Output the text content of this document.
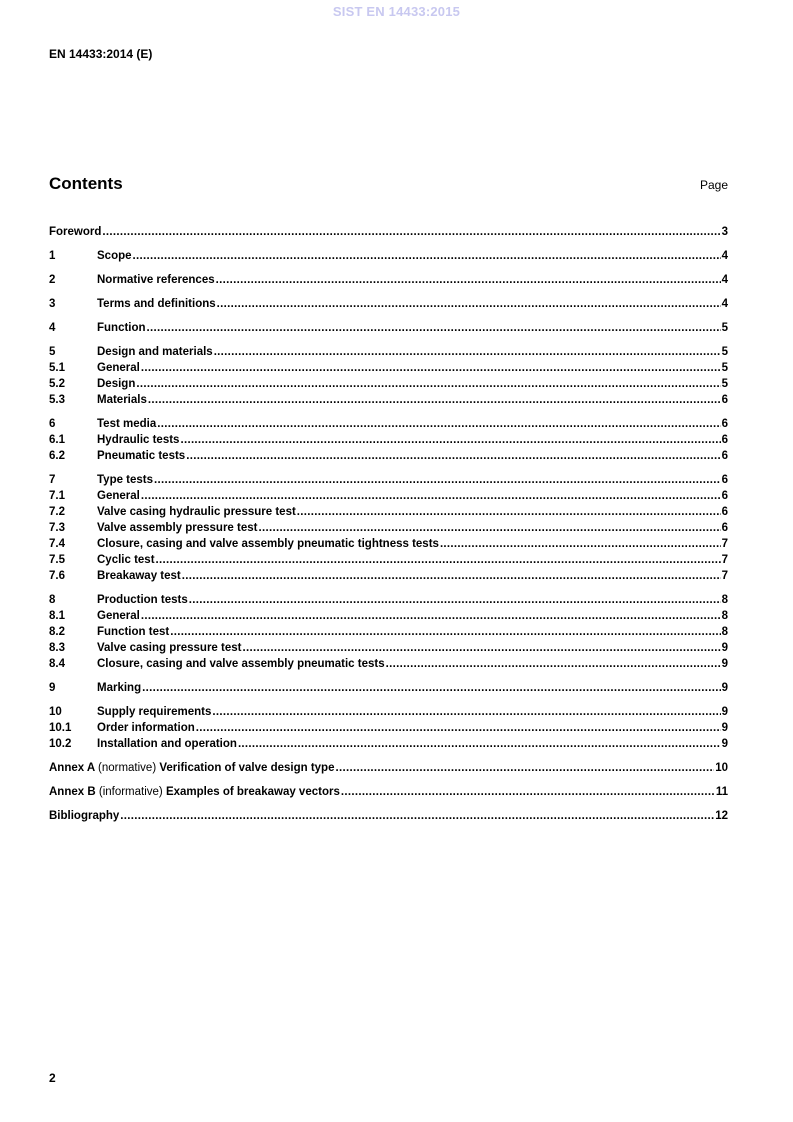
SIST EN 14433:2015
EN 14433:2014 (E)
Contents	Page
Foreword .....	3
1	Scope .....	4
2	Normative references .....	4
3	Terms and definitions .....	4
4	Function .....	5
5	Design and materials .....	5
5.1	General .....	5
5.2	Design .....	5
5.3	Materials .....	6
6	Test media .....	6
6.1	Hydraulic tests .....	6
6.2	Pneumatic tests .....	6
7	Type tests .....	6
7.1	General .....	6
7.2	Valve casing hydraulic pressure test .....	6
7.3	Valve assembly pressure test .....	6
7.4	Closure, casing and valve assembly pneumatic tightness tests .....	7
7.5	Cyclic test .....	7
7.6	Breakaway test .....	7
8	Production tests .....	8
8.1	General .....	8
8.2	Function test .....	8
8.3	Valve casing pressure test .....	9
8.4	Closure, casing and valve assembly pneumatic tests .....	9
9	Marking .....	9
10	Supply requirements .....	9
10.1	Order information .....	9
10.2	Installation and operation .....	9
Annex A (normative) Verification of valve design type .....	10
Annex B (informative) Examples of breakaway vectors .....	11
Bibliography .....	12
2
